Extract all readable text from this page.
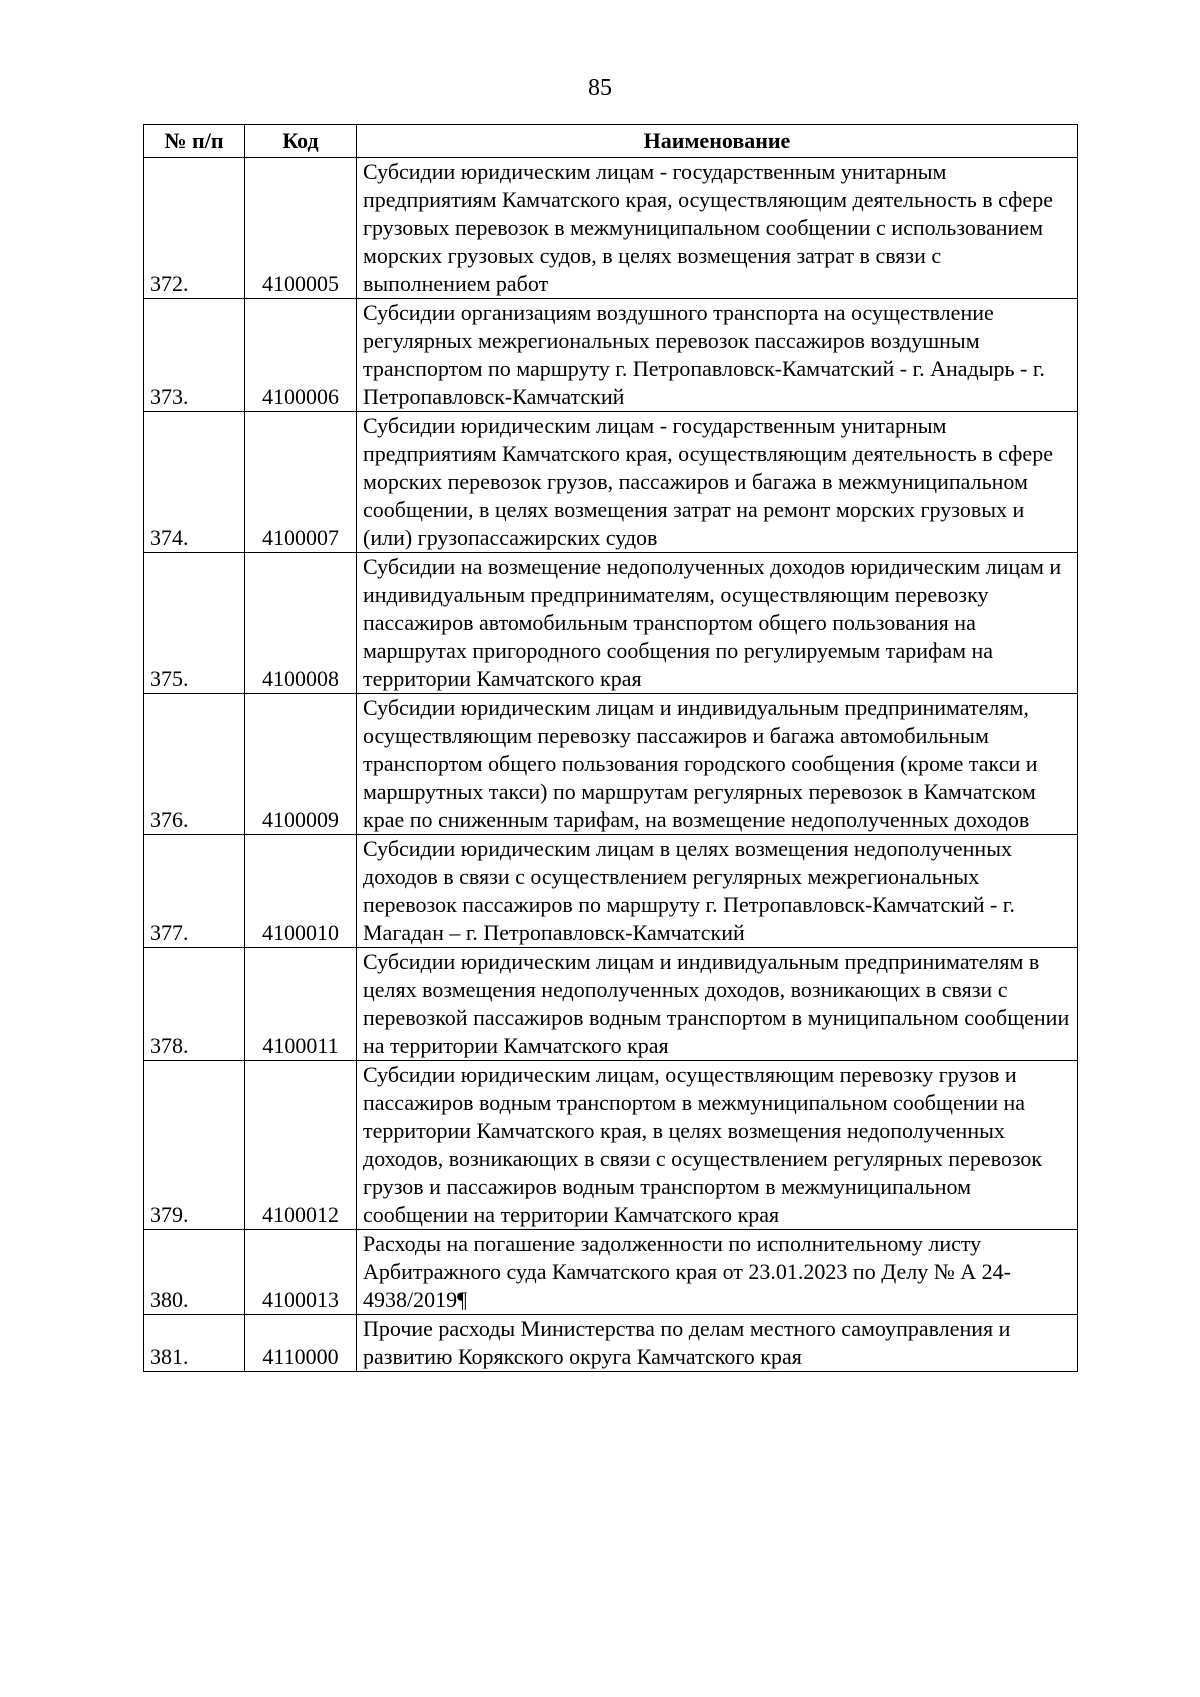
85
№ п/п	Код	Наименование
372.	4100005	Субсидии юридическим лицам - государственным унитарным предприятиям Камчатского края, осуществляющим деятельность в сфере грузовых перевозок в межмуниципальном сообщении с использованием морских грузовых судов, в целях возмещения затрат в связи с выполнением работ
373.	4100006	Субсидии организациям воздушного транспорта на осуществление регулярных межрегиональных перевозок пассажиров воздушным транспортом по маршруту г. Петропавловск-Камчатский - г. Анадырь - г. Петропавловск-Камчатский
374.	4100007	Субсидии юридическим лицам - государственным унитарным предприятиям Камчатского края, осуществляющим деятельность в сфере морских перевозок грузов, пассажиров и багажа в межмуниципальном сообщении, в целях возмещения затрат на ремонт морских грузовых и (или) грузопассажирских судов
375.	4100008	Субсидии на возмещение недополученных доходов юридическим лицам и индивидуальным предпринимателям, осуществляющим перевозку пассажиров автомобильным транспортом общего пользования на маршрутах пригородного сообщения по регулируемым тарифам на территории Камчатского края
376.	4100009	Субсидии юридическим лицам и индивидуальным предпринимателям, осуществляющим перевозку пассажиров и багажа автомобильным транспортом общего пользования городского сообщения (кроме такси и маршрутных такси) по маршрутам регулярных перевозок в Камчатском крае по сниженным тарифам, на возмещение недополученных доходов
377.	4100010	Субсидии юридическим лицам в целях возмещения недополученных доходов в связи с осуществлением регулярных межрегиональных перевозок пассажиров по маршруту г. Петропавловск-Камчатский - г. Магадан – г. Петропавловск-Камчатский
378.	4100011	Субсидии юридическим лицам и индивидуальным предпринимателям в целях возмещения недополученных доходов, возникающих в связи с перевозкой пассажиров водным транспортом в муниципальном сообщении на территории Камчатского края
379.	4100012	Субсидии юридическим лицам, осуществляющим перевозку грузов и пассажиров водным транспортом в межмуниципальном сообщении на территории Камчатского края, в целях возмещения недополученных доходов, возникающих в связи с осуществлением регулярных перевозок грузов и пассажиров водным транспортом в межмуниципальном сообщении на территории Камчатского края
380.	4100013	Расходы на погашение задолженности по исполнительному листу Арбитражного суда Камчатского края от 23.01.2023 по Делу № А 24-4938/2019¶
381.	4110000	Прочие расходы Министерства по делам местного самоуправления и развитию Корякского округа Камчатского края
